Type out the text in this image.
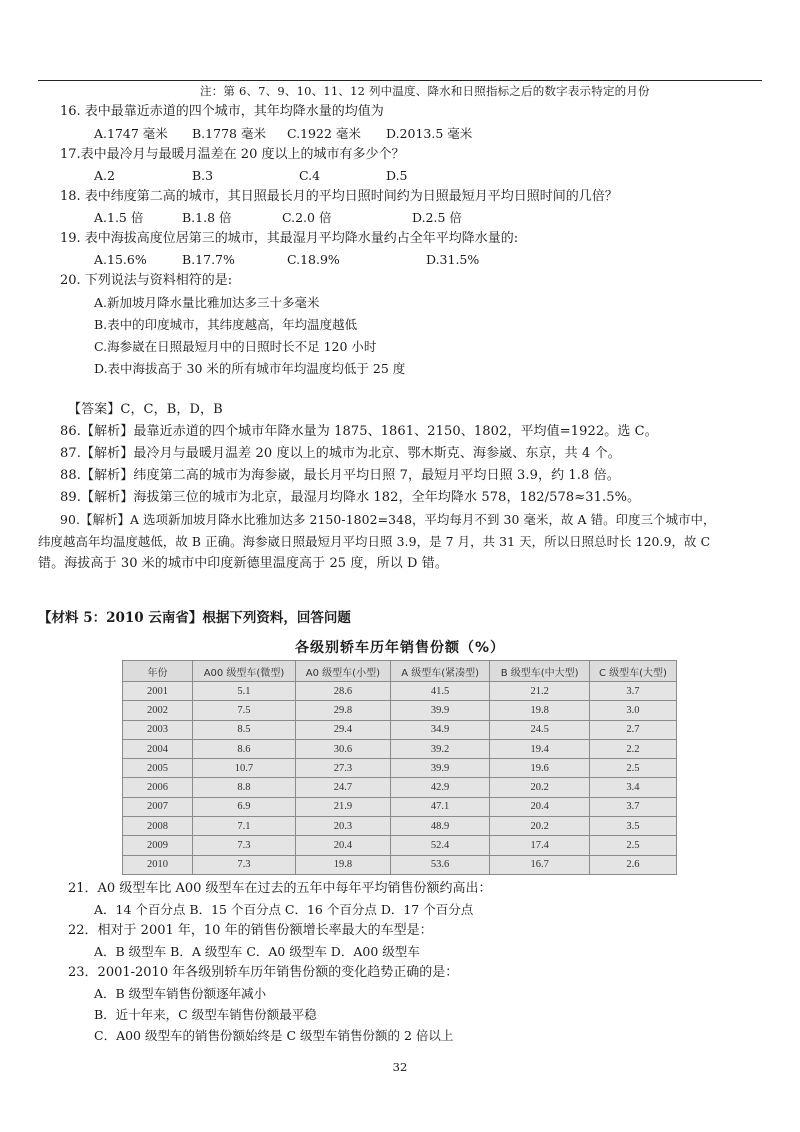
注：第 6、7、9、10、11、12 列中温度、降水和日照指标之后的数字表示特定的月份
16. 表中最靠近赤道的四个城市，其年均降水量的均值为
A.1747 毫米 B.1778 毫米 C.1922 毫米 D.2013.5 毫米
17.表中最冷月与最暖月温差在 20 度以上的城市有多少个？
A.2	B.3	C.4	D.5
18. 表中纬度第二高的城市，其日照最长月的平均日照时间约为日照最短月平均日照时间的几倍？
A.1.5 倍	B.1.8 倍	C.2.0 倍	D.2.5 倍
19. 表中海拔高度位居第三的城市，其最湿月平均降水量约占全年平均降水量的:
A.15.6%	B.17.7%	C.18.9%	D.31.5%
20. 下列说法与资料相符的是:
A.新加坡月降水量比雅加达多三十多毫米
B.表中的印度城市，其纬度越高，年均温度越低
C.海参崴在日照最短月中的日照时长不足 120 小时
D.表中海拔高于 30 米的所有城市年均温度均低于 25 度
【答案】C，C，B，D，B
86.【解析】最靠近赤道的四个城市年降水量为 1875、1861、2150、1802，平均值=1922。选 C。
87.【解析】最冷月与最暖月温差 20 度以上的城市为北京、鄂木斯克、海参崴、东京，共 4 个。
88.【解析】纬度第二高的城市为海参崴，最长月平均日照 7，最短月平均日照 3.9，约 1.8 倍。
89.【解析】海拔第三位的城市为北京，最湿月均降水 182，全年均降水 578，182/578≈31.5%。
90.【解析】A 选项新加坡月降水比雅加达多 2150-1802=348，平均每月不到 30 毫米，故 A 错。印度三个城市中，
纬度越高年均温度越低，故 B 正确。海参崴日照最短月平均日照 3.9，是 7 月，共 31 天，所以日照总时长 120.9，故 C
错。海拔高于 30 米的城市中印度新德里温度高于 25 度，所以 D 错。
【材料 5：2010 云南省】根据下列资料，回答问题
各级别轿车历年销售份额（%）
年份	A00 级型车(微型)	A0 级型车(小型)	A 级型车(紧凑型)	B 级型车(中大型)	C 级型车(大型)
2001	5.1	28.6	41.5	21.2	3.7
2002	7.5	29.8	39.9	19.8	3.0
2003	8.5	29.4	34.9	24.5	2.7
2004	8.6	30.6	39.2	19.4	2.2
2005	10.7	27.3	39.9	19.6	2.5
2006	8.8	24.7	42.9	20.2	3.4
2007	6.9	21.9	47.1	20.4	3.7
2008	7.1	20.3	48.9	20.2	3.5
2009	7.3	20.4	52.4	17.4	2.5
2010	7.3	19.8	53.6	16.7	2.6
21．A0 级型车比 A00 级型车在过去的五年中每年平均销售份额约高出：
A．14 个百分点 B．15 个百分点 C．16 个百分点 D．17 个百分点
22．相对于 2001 年，10 年的销售份额增长率最大的车型是：
A．B 级型车 B．A 级型车 C．A0 级型车 D．A00 级型车
23．2001-2010 年各级别轿车历年销售份额的变化趋势正确的是：
A．B 级型车销售份额逐年减小
B．近十年来，C 级型车销售份额最平稳
C．A00 级型车的销售份额始终是 C 级型车销售份额的 2 倍以上
32
